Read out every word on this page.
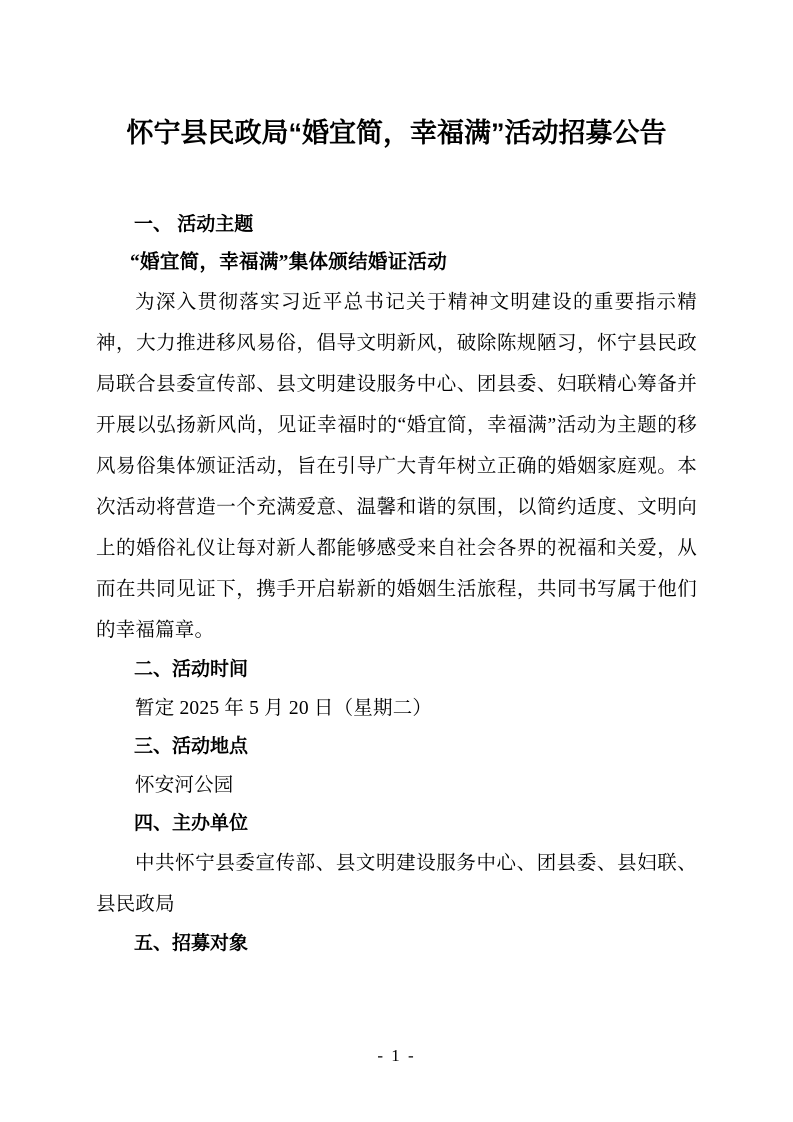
怀宁县民政局“婚宜简，幸福满”活动招募公告
一、 活动主题

“婚宜简，幸福满”集体颁结婚证活动

为深入贯彻落实习近平总书记关于精神文明建设的重要指示精神，大力推进移风易俗，倡导文明新风，破除陈规陋习，怀宁县民政局联合县委宣传部、县文明建设服务中心、团县委、妇联精心筹备并开展以弘扬新风尚，见证幸福时的“婚宜简，幸福满”活动为主题的移风易俗集体颁证活动，旨在引导广大青年树立正确的婚姻家庭观。本次活动将营造一个充满爱意、温馨和谐的氛围，以简约适度、文明向上的婚俗礼仪让每对新人都能够感受来自社会各界的祝福和关爱，从而在共同见证下，携手开启崭新的婚姻生活旅程，共同书写属于他们的幸福篇章。

二、活动时间

暂定 2025 年 5 月 20 日（星期二）

三、活动地点

怀安河公园

四、主办单位

中共怀宁县委宣传部、县文明建设服务中心、团县委、县妇联、县民政局

五、招募对象
- 1 -
